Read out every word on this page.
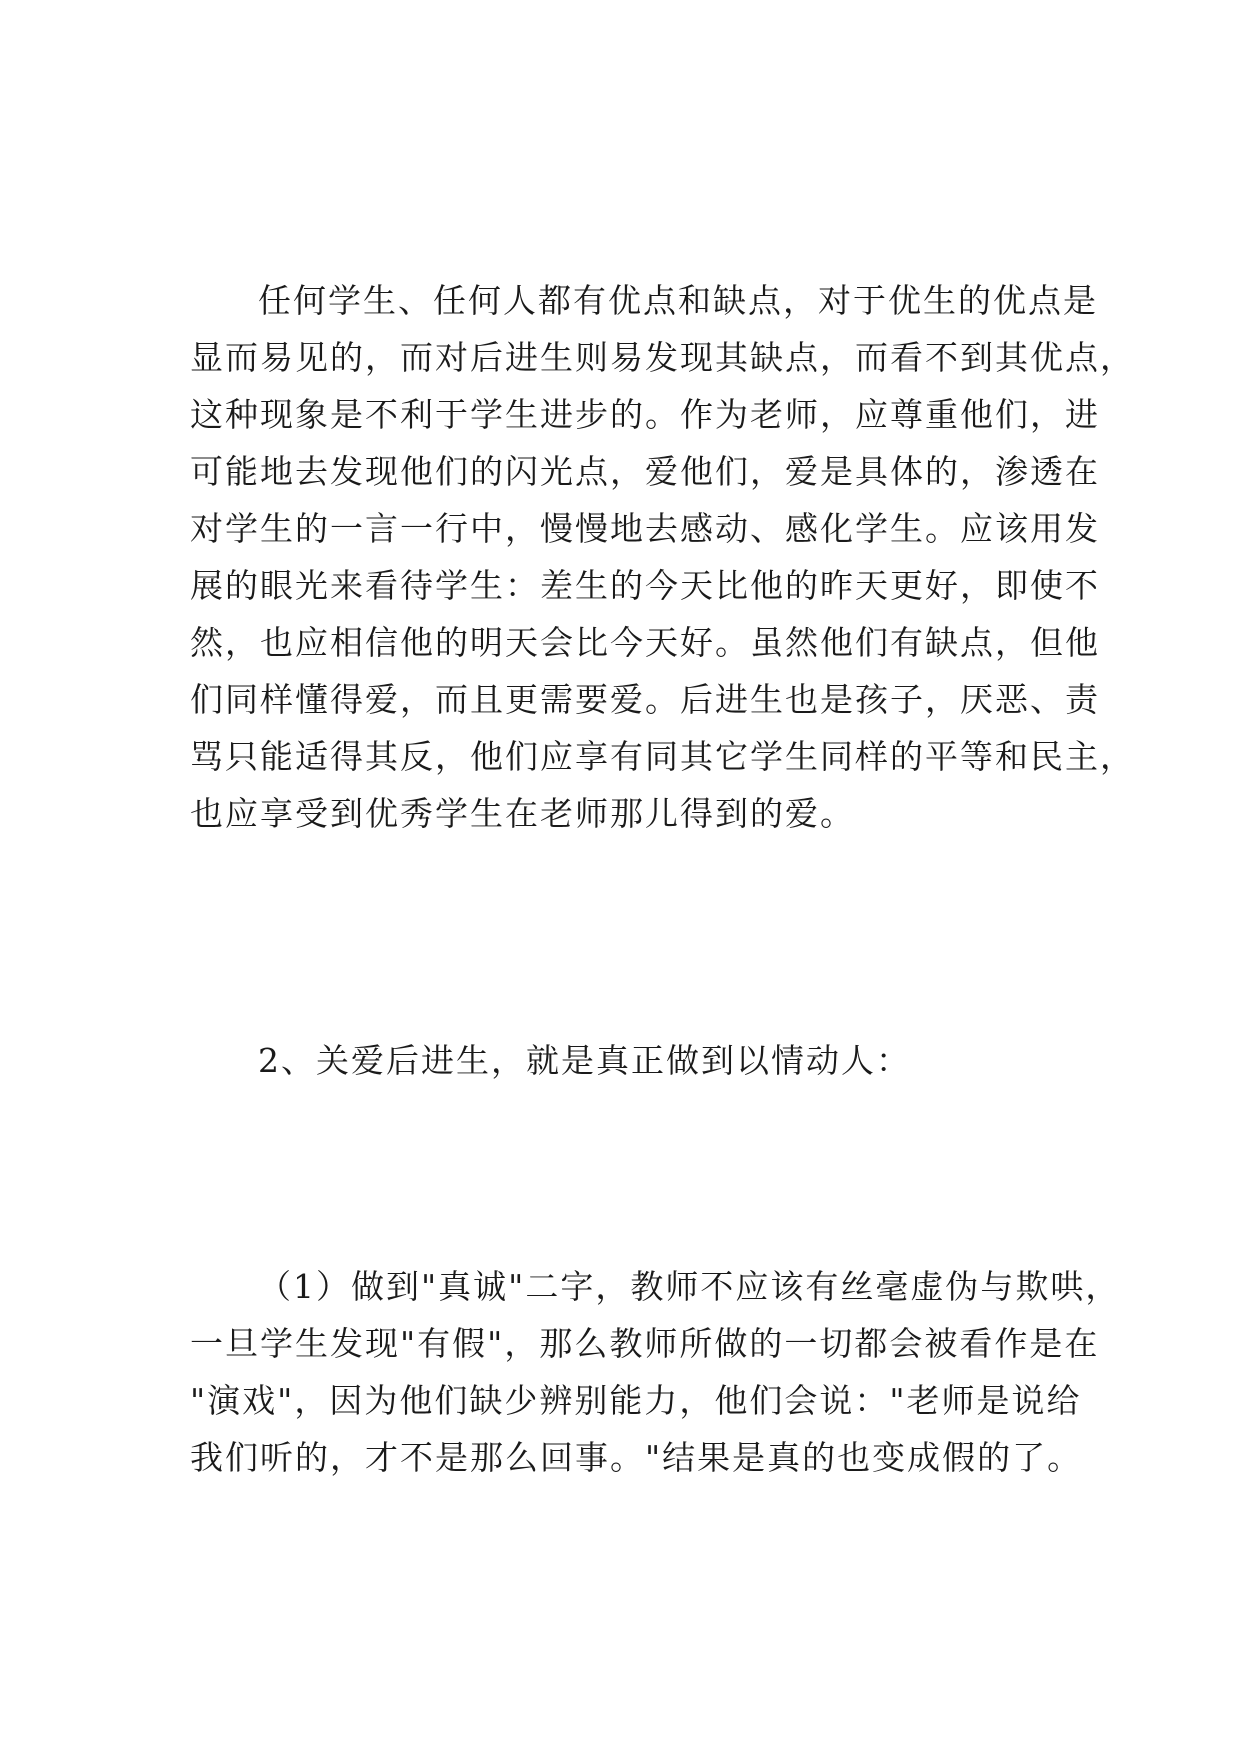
任何学生、任何人都有优点和缺点，对于优生的优点是
显而易见的，而对后进生则易发现其缺点，而看不到其优点，
这种现象是不利于学生进步的。作为老师，应尊重他们，进
可能地去发现他们的闪光点，爱他们，爱是具体的，渗透在
对学生的一言一行中，慢慢地去感动、感化学生。应该用发
展的眼光来看待学生：差生的今天比他的昨天更好，即使不
然，也应相信他的明天会比今天好。虽然他们有缺点，但他
们同样懂得爱，而且更需要爱。后进生也是孩子，厌恶、责
骂只能适得其反，他们应享有同其它学生同样的平等和民主，
也应享受到优秀学生在老师那儿得到的爱。
2、关爱后进生，就是真正做到以情动人：
（1）做到"真诚"二字，教师不应该有丝毫虚伪与欺哄，
一旦学生发现"有假"，那么教师所做的一切都会被看作是在
"演戏"，因为他们缺少辨别能力，他们会说："老师是说给
我们听的，才不是那么回事。"结果是真的也变成假的了。
